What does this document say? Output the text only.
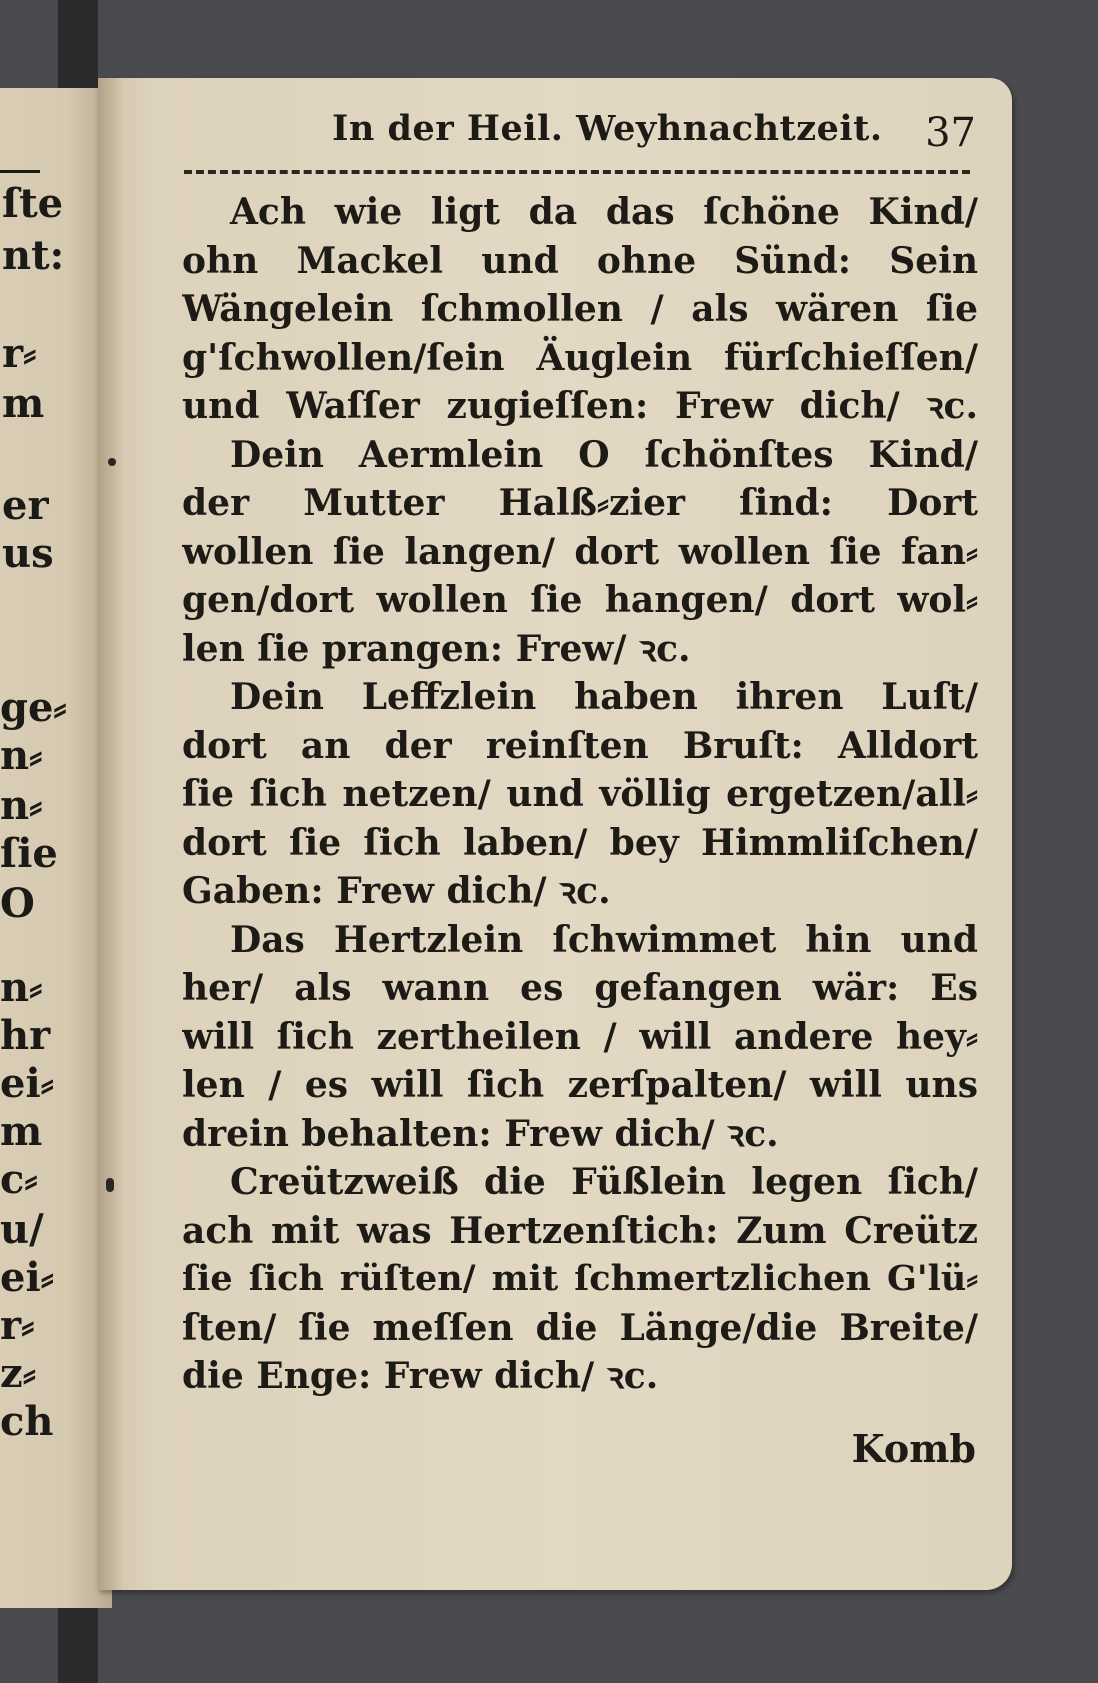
ſte
nt:
r⸗
m
er
us
ge⸗
n⸗
n⸗
ſie
O
n⸗
hr
ei⸗
m
c⸗
u/
ei⸗
r⸗
z⸗
ch
In der Heil. Weyhnachtzeit. 37
Ach wie ligt da das ſchöne Kind/
ohn Mackel und ohne Sünd: Sein
Wängelein ſchmollen / als wären ſie
g'ſchwollen/ſein Äuglein fürſchieſſen/
und Waſſer zugieſſen: Frew dich/ ꝛc.
Dein Aermlein O ſchönſtes Kind/
der Mutter Halß⸗zier ſind: Dort
wollen ſie langen/ dort wollen ſie fan⸗
gen/dort wollen ſie hangen/ dort wol⸗
len ſie prangen: Frew/ ꝛc.
Dein Leffzlein haben ihren Luſt/
dort an der reinſten Bruſt: Alldort
ſie ſich netzen/ und völlig ergetzen/all⸗
dort ſie ſich laben/ bey Himmliſchen/
Gaben: Frew dich/ ꝛc.
Das Hertzlein ſchwimmet hin und
her/ als wann es gefangen wär: Es
will ſich zertheilen / will andere hey⸗
len / es will ſich zerſpalten/ will uns
drein behalten: Frew dich/ ꝛc.
Creützweiß die Füßlein legen ſich/
ach mit was Hertzenſtich: Zum Creütz
ſie ſich rüſten/ mit ſchmertzlichen G'lü⸗
ſten/ ſie meſſen die Länge/die Breite/
die Enge: Frew dich/ ꝛc.
Komb
